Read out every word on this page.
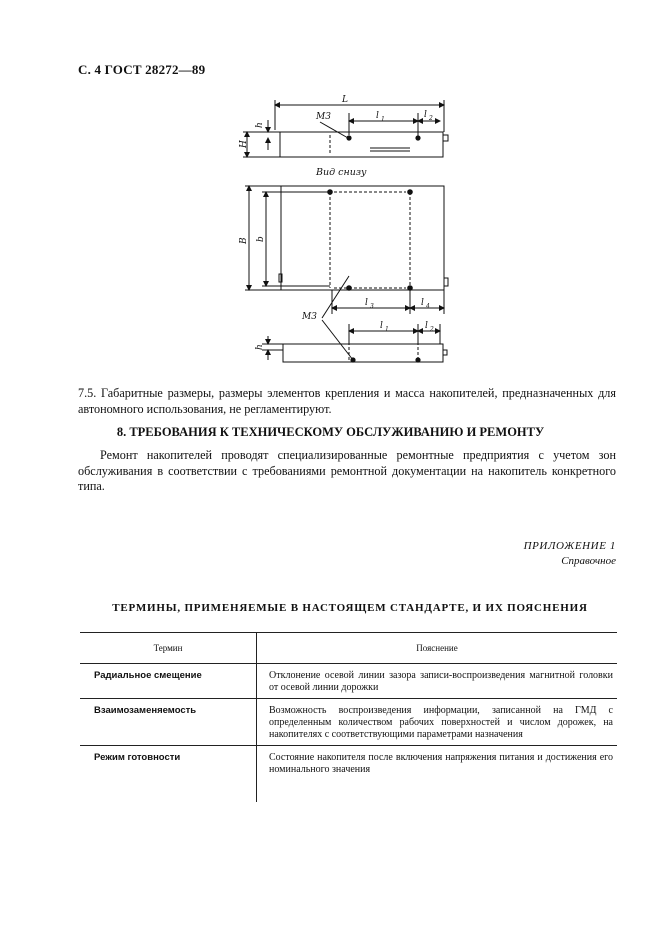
С. 4 ГОСТ 28272—89
L
М3	l 1	l 2
h
H
Вид снизу
B b
l 3	l 4
М3
l 1	l 2
h
7.5. Габаритные размеры, размеры элементов крепления и масса накопителей, предназначенных для автономного использования, не регламентируют.
8. ТРЕБОВАНИЯ К ТЕХНИЧЕСКОМУ ОБСЛУЖИВАНИЮ И РЕМОНТУ
Ремонт накопителей проводят специализированные ремонтные предприятия с учетом зон обслуживания в соответствии с требованиями ремонтной документации на накопитель конкретного типа.
ПРИЛОЖЕНИЕ 1
Справочное
ТЕРМИНЫ, ПРИМЕНЯЕМЫЕ В НАСТОЯЩЕМ СТАНДАРТЕ, И ИХ ПОЯСНЕНИЯ
Термин	Пояснение
Радиальное смещение	Отклонение осевой линии зазора записи-воспроизведения магнитной головки от осевой линии дорожки
Взаимозаменяемость	Возможность воспроизведения информации, записанной на ГМД с определенным количеством рабочих поверхностей и числом дорожек, на накопителях с соответствующими параметрами назначения
Режим готовности	Состояние накопителя после включения напряжения питания и достижения его номинального значения
